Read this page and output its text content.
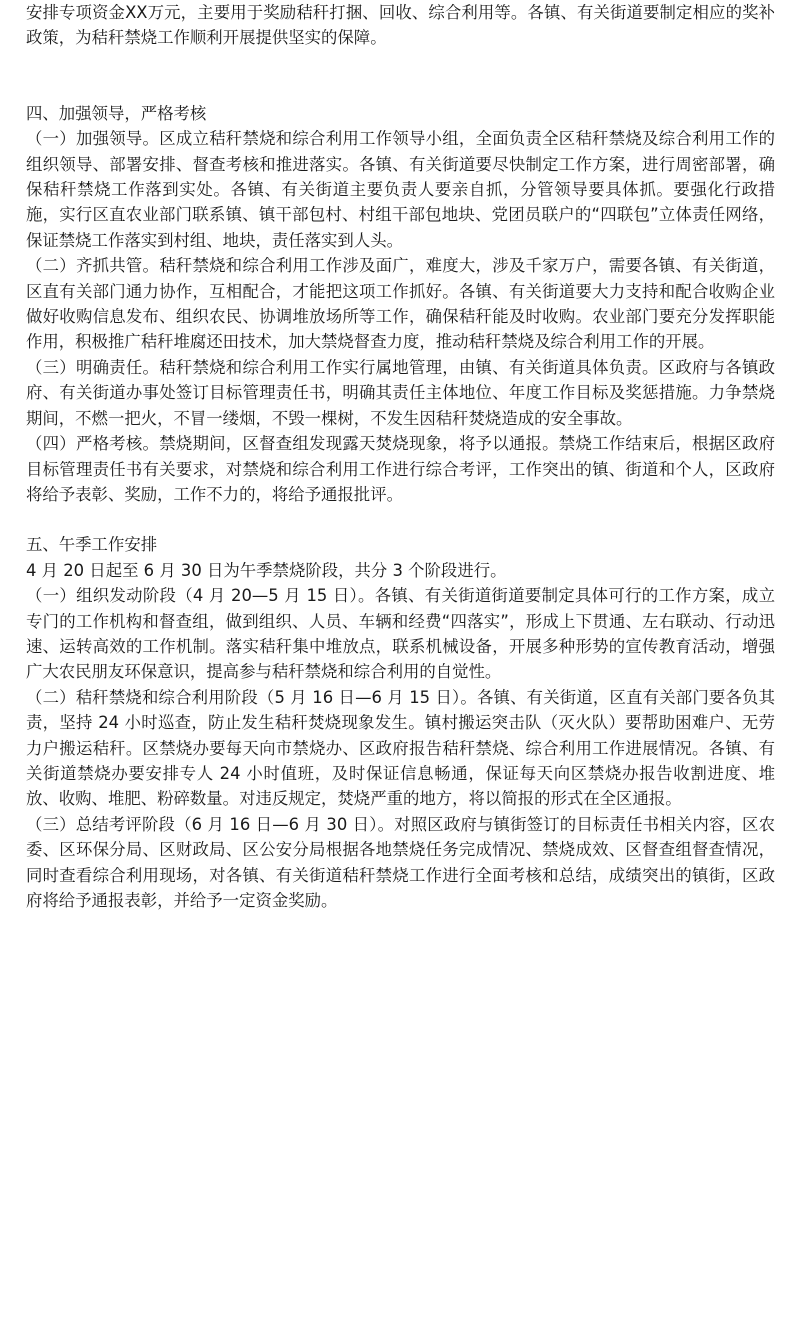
安排专项资金XX万元，主要用于奖励秸秆打捆、回收、综合利用等。各镇、有关街道要制定相应的奖补政策，为秸秆禁烧工作顺利开展提供坚实的保障。

四、加强领导，严格考核

（一）加强领导。区成立秸秆禁烧和综合利用工作领导小组，全面负责全区秸秆禁烧及综合利用工作的组织领导、部署安排、督查考核和推进落实。各镇、有关街道要尽快制定工作方案，进行周密部署，确保秸秆禁烧工作落到实处。各镇、有关街道主要负责人要亲自抓，分管领导要具体抓。要强化行政措施，实行区直农业部门联系镇、镇干部包村、村组干部包地块、党团员联户的“四联包”立体责任网络，保证禁烧工作落实到村组、地块，责任落实到人头。

（二）齐抓共管。秸秆禁烧和综合利用工作涉及面广，难度大，涉及千家万户，需要各镇、有关街道，区直有关部门通力协作，互相配合，才能把这项工作抓好。各镇、有关街道要大力支持和配合收购企业做好收购信息发布、组织农民、协调堆放场所等工作，确保秸秆能及时收购。农业部门要充分发挥职能作用，积极推广秸秆堆腐还田技术，加大禁烧督查力度，推动秸秆禁烧及综合利用工作的开展。

（三）明确责任。秸秆禁烧和综合利用工作实行属地管理，由镇、有关街道具体负责。区政府与各镇政府、有关街道办事处签订目标管理责任书，明确其责任主体地位、年度工作目标及奖惩措施。力争禁烧期间，不燃一把火，不冒一缕烟，不毁一棵树，不发生因秸秆焚烧造成的安全事故。

（四）严格考核。禁烧期间，区督查组发现露天焚烧现象，将予以通报。禁烧工作结束后，根据区政府目标管理责任书有关要求，对禁烧和综合利用工作进行综合考评，工作突出的镇、街道和个人，区政府将给予表彰、奖励，工作不力的，将给予通报批评。

五、午季工作安排

4 月 20 日起至 6 月 30 日为午季禁烧阶段，共分 3 个阶段进行。

（一）组织发动阶段（4 月 20—5 月 15 日）。各镇、有关街道街道要制定具体可行的工作方案，成立专门的工作机构和督查组，做到组织、人员、车辆和经费“四落实”，形成上下贯通、左右联动、行动迅速、运转高效的工作机制。落实秸秆集中堆放点，联系机械设备，开展多种形势的宣传教育活动，增强广大农民朋友环保意识，提高参与秸秆禁烧和综合利用的自觉性。

（二）秸秆禁烧和综合利用阶段（5 月 16 日—6 月 15 日）。各镇、有关街道，区直有关部门要各负其责，坚持 24 小时巡查，防止发生秸秆焚烧现象发生。镇村搬运突击队（灭火队）要帮助困难户、无劳力户搬运秸秆。区禁烧办要每天向市禁烧办、区政府报告秸秆禁烧、综合利用工作进展情况。各镇、有关街道禁烧办要安排专人 24 小时值班，及时保证信息畅通，保证每天向区禁烧办报告收割进度、堆放、收购、堆肥、粉碎数量。对违反规定，焚烧严重的地方，将以简报的形式在全区通报。

（三）总结考评阶段（6 月 16 日—6 月 30 日）。对照区政府与镇街签订的目标责任书相关内容，区农委、区环保分局、区财政局、区公安分局根据各地禁烧任务完成情况、禁烧成效、区督查组督查情况，同时查看综合利用现场，对各镇、有关街道秸秆禁烧工作进行全面考核和总结，成绩突出的镇街，区政府将给予通报表彰，并给予一定资金奖励。
